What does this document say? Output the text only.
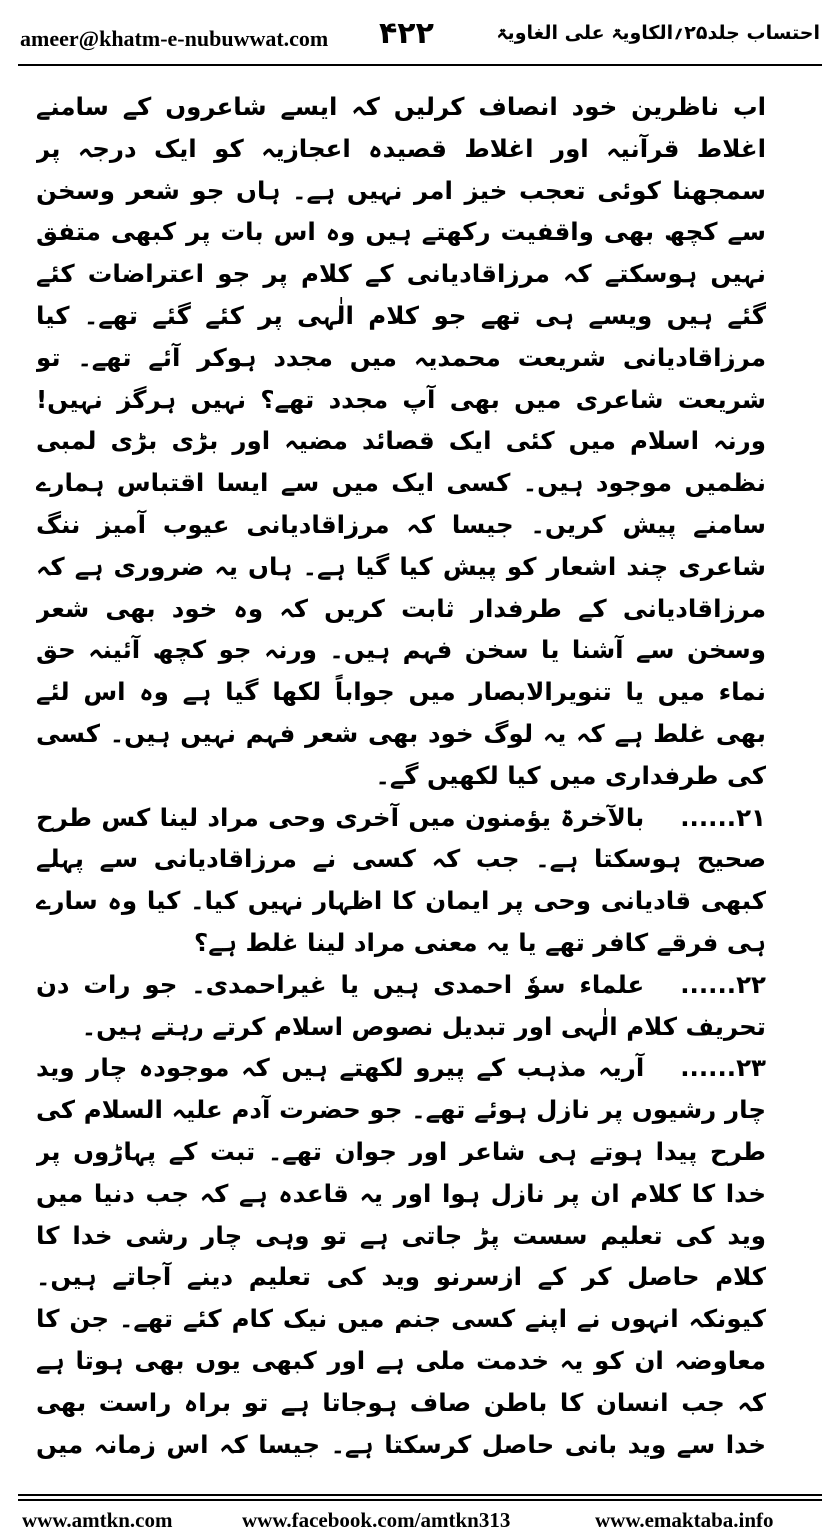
ameer@khatm-e-nubuwwat.com ۴۲۲	احتساب جلد۲۵؍الکاویۃ علی الغاویۃ

اب ناظرین خود انصاف کرلیں کہ ایسے شاعروں کے سامنے اغلاط قرآنیہ اور اغلاط قصیدہ اعجازیہ کو ایک درجہ پر سمجھنا کوئی تعجب خیز امر نہیں ہے۔ ہاں جو شعر وسخن سے کچھ بھی واقفیت رکھتے ہیں وہ اس بات پر کبھی متفق نہیں ہوسکتے کہ مرزاقادیانی کے کلام پر جو اعتراضات کئے گئے ہیں ویسے ہی تھے جو کلام الٰہی پر کئے گئے تھے۔ کیا مرزاقادیانی شریعت محمدیہ میں مجدد ہوکر آئے تھے۔ تو شریعت شاعری میں بھی آپ مجدد تھے؟ نہیں ہرگز نہیں! ورنہ اسلام میں کئی ایک قصائد مضیہ اور بڑی بڑی لمبی نظمیں موجود ہیں۔ کسی ایک میں سے ایسا اقتباس ہمارے سامنے پیش کریں۔ جیسا کہ مرزاقادیانی عیوب آمیز ننگ شاعری چند اشعار کو پیش کیا گیا ہے۔ ہاں یہ ضروری ہے کہ مرزاقادیانی کے طرفدار ثابت کریں کہ وہ خود بھی شعر وسخن سے آشنا یا سخن فہم ہیں۔ ورنہ جو کچھ آئینہ حق نماء میں یا تنویرالابصار میں جواباً لکھا گیا ہے وہ اس لئے بھی غلط ہے کہ یہ لوگ خود بھی شعر فہم نہیں ہیں۔ کسی کی طرفداری میں کیا لکھیں گے۔

۲۱......بالآخرۃ یؤمنون میں آخری وحی مراد لینا کس طرح صحیح ہوسکتا ہے۔ جب کہ کسی نے مرزاقادیانی سے پہلے کبھی قادیانی وحی پر ایمان کا اظہار نہیں کیا۔ کیا وہ سارے ہی فرقے کافر تھے یا یہ معنی مراد لینا غلط ہے؟

۲۲......علماء سوٗ احمدی ہیں یا غیراحمدی۔ جو رات دن تحریف کلام الٰہی اور تبدیل نصوص اسلام کرتے رہتے ہیں۔

۲۳......آریہ مذہب کے پیرو لکھتے ہیں کہ موجودہ چار وید چار رشیوں پر نازل ہوئے تھے۔ جو حضرت آدم علیہ السلام کی طرح پیدا ہوتے ہی شاعر اور جوان تھے۔ تبت کے پہاڑوں پر خدا کا کلام ان پر نازل ہوا اور یہ قاعدہ ہے کہ جب دنیا میں وید کی تعلیم سست پڑ جاتی ہے تو وہی چار رشی خدا کا کلام حاصل کر کے ازسرنو وید کی تعلیم دینے آجاتے ہیں۔ کیونکہ انہوں نے اپنے کسی جنم میں نیک کام کئے تھے۔ جن کا معاوضہ ان کو یہ خدمت ملی ہے اور کبھی یوں بھی ہوتا ہے کہ جب انسان کا باطن صاف ہوجاتا ہے تو براہ راست بھی خدا سے وید بانی حاصل کرسکتا ہے۔ جیسا کہ اس زمانہ میں

www.amtkn.com	www.facebook.com/amtkn313	www.emaktaba.info
